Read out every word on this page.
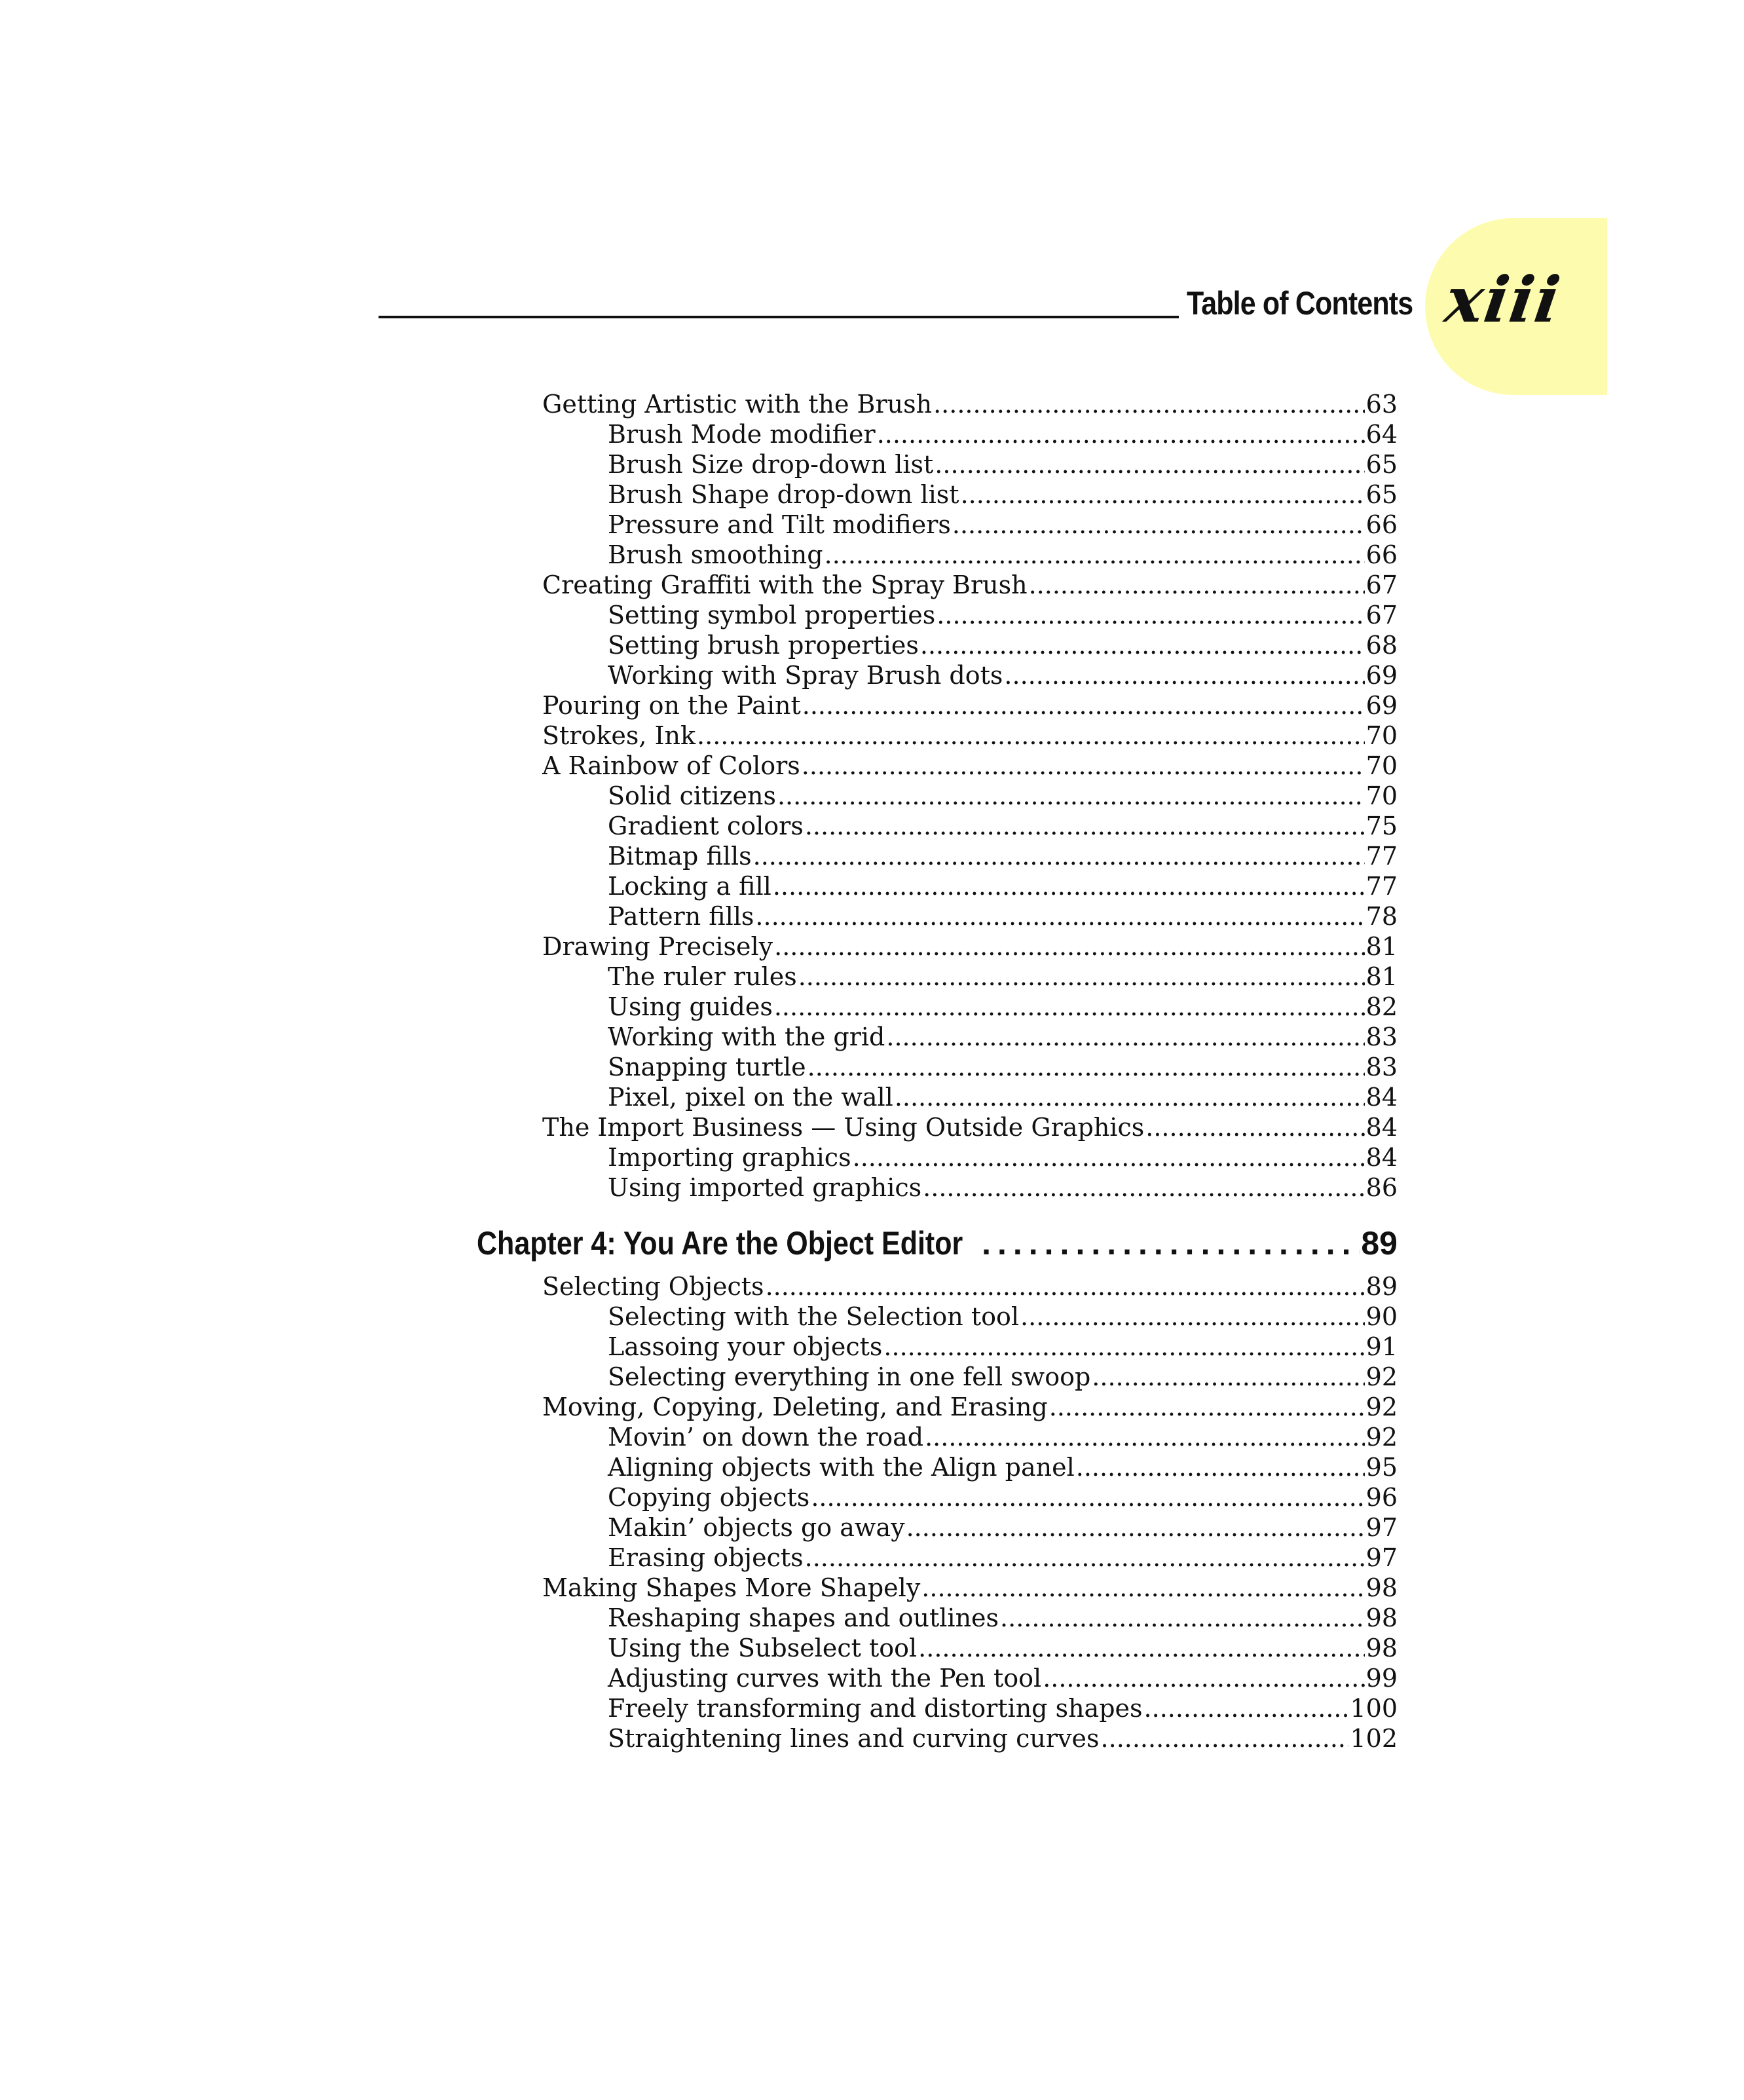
Table of Contents xiii
Getting Artistic with the Brush .....	63
Brush Mode modifier .....	64
Brush Size drop-down list .....	65
Brush Shape drop-down list .....	65
Pressure and Tilt modifiers .....	66
Brush smoothing .....	66
Creating Graffiti with the Spray Brush .....	67
Setting symbol properties .....	67
Setting brush properties .....	68
Working with Spray Brush dots .....	69
Pouring on the Paint .....	69
Strokes, Ink .....	70
A Rainbow of Colors .....	70
Solid citizens .....	70
Gradient colors .....	75
Bitmap fills .....	77
Locking a fill .....	77
Pattern fills .....	78
Drawing Precisely .....	81
The ruler rules .....	81
Using guides .....	82
Working with the grid .....	83
Snapping turtle .....	83
Pixel, pixel on the wall .....	84
The Import Business — Using Outside Graphics .....	84
Importing graphics .....	84
Using imported graphics .....	86
Chapter 4: You Are the Object Editor .....	89
Selecting Objects .....	89
Selecting with the Selection tool .....	90
Lassoing your objects .....	91
Selecting everything in one fell swoop .....	92
Moving, Copying, Deleting, and Erasing .....	92
Movin’ on down the road .....	92
Aligning objects with the Align panel .....	95
Copying objects .....	96
Makin’ objects go away .....	97
Erasing objects .....	97
Making Shapes More Shapely .....	98
Reshaping shapes and outlines .....	98
Using the Subselect tool .....	98
Adjusting curves with the Pen tool .....	99
Freely transforming and distorting shapes .....	100
Straightening lines and curving curves .....	102
